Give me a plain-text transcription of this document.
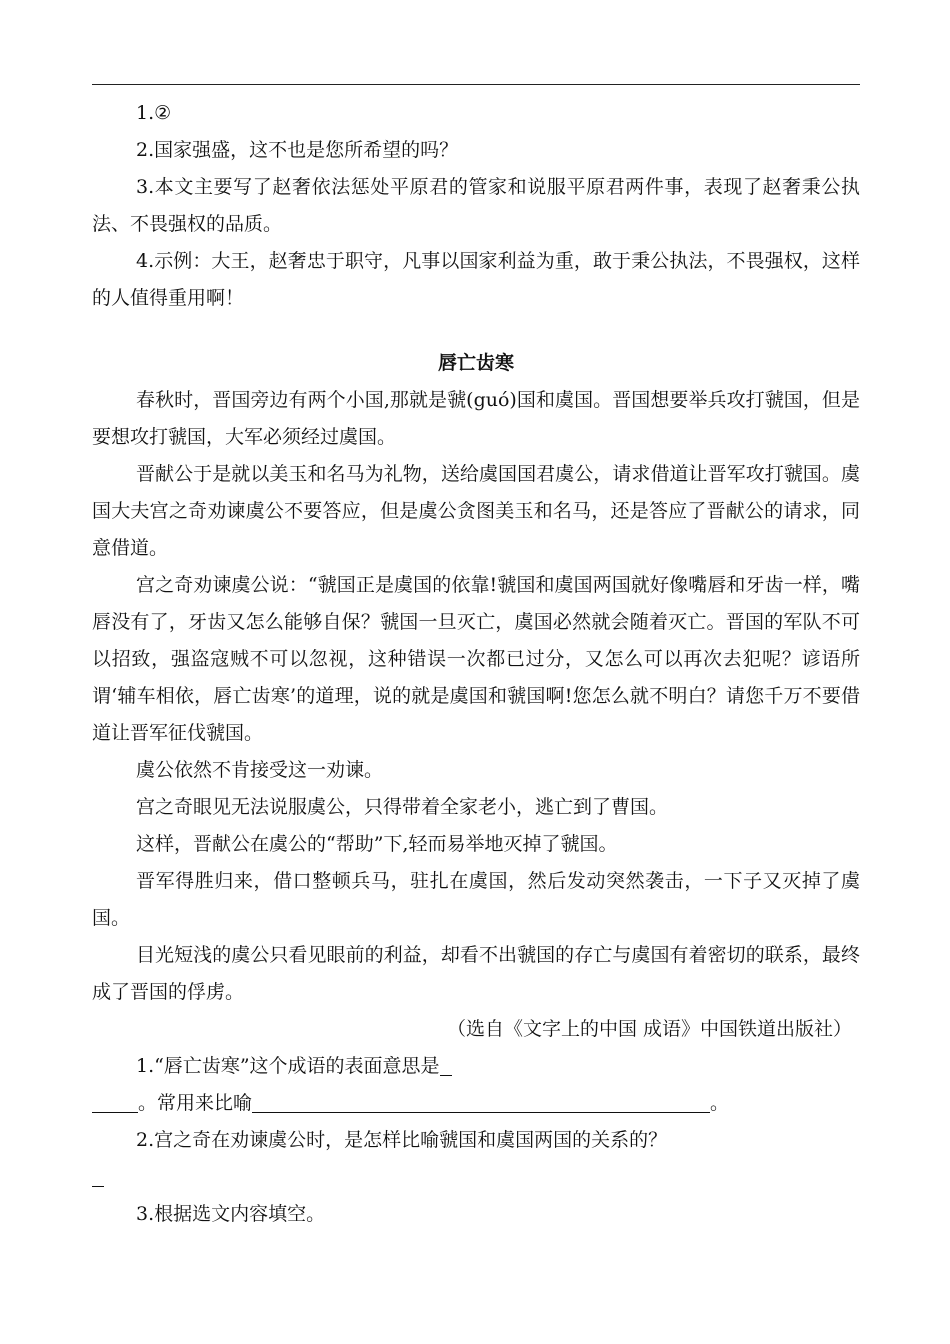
1.②

2.国家强盛，这不也是您所希望的吗？

3.本文主要写了赵奢依法惩处平原君的管家和说服平原君两件事，表现了赵奢秉公执法、不畏强权的品质。

4.示例：大王，赵奢忠于职守，凡事以国家利益为重，敢于秉公执法，不畏强权，这样的人值得重用啊！

唇亡齿寒

春秋时，晋国旁边有两个小国,那就是虢(guó)国和虞国。晋国想要举兵攻打虢国，但是要想攻打虢国，大军必须经过虞国。

晋献公于是就以美玉和名马为礼物，送给虞国国君虞公，请求借道让晋军攻打虢国。虞国大夫宫之奇劝谏虞公不要答应，但是虞公贪图美玉和名马，还是答应了晋献公的请求，同意借道。

宫之奇劝谏虞公说：“虢国正是虞国的依靠!虢国和虞国两国就好像嘴唇和牙齿一样，嘴唇没有了，牙齿又怎么能够自保？虢国一旦灭亡，虞国必然就会随着灭亡。晋国的军队不可以招致，强盗寇贼不可以忽视，这种错误一次都已过分，又怎么可以再次去犯呢？谚语所谓‘辅车相依，唇亡齿寒’的道理，说的就是虞国和虢国啊!您怎么就不明白？请您千万不要借道让晋军征伐虢国。

虞公依然不肯接受这一劝谏。

宫之奇眼见无法说服虞公，只得带着全家老小，逃亡到了曹国。

这样，晋献公在虞公的“帮助”下,轻而易举地灭掉了虢国。

晋军得胜归来，借口整顿兵马，驻扎在虞国，然后发动突然袭击，一下子又灭掉了虞国。

目光短浅的虞公只看见眼前的利益，却看不出虢国的存亡与虞国有着密切的联系，最终成了晋国的俘虏。

（选自《文字上的中国 成语》中国铁道出版社）

1.“唇亡齿寒”这个成语的表面意思是

。常用来比喻	。

2.宫之奇在劝谏虞公时，是怎样比喻虢国和虞国两国的关系的？

3.根据选文内容填空。
